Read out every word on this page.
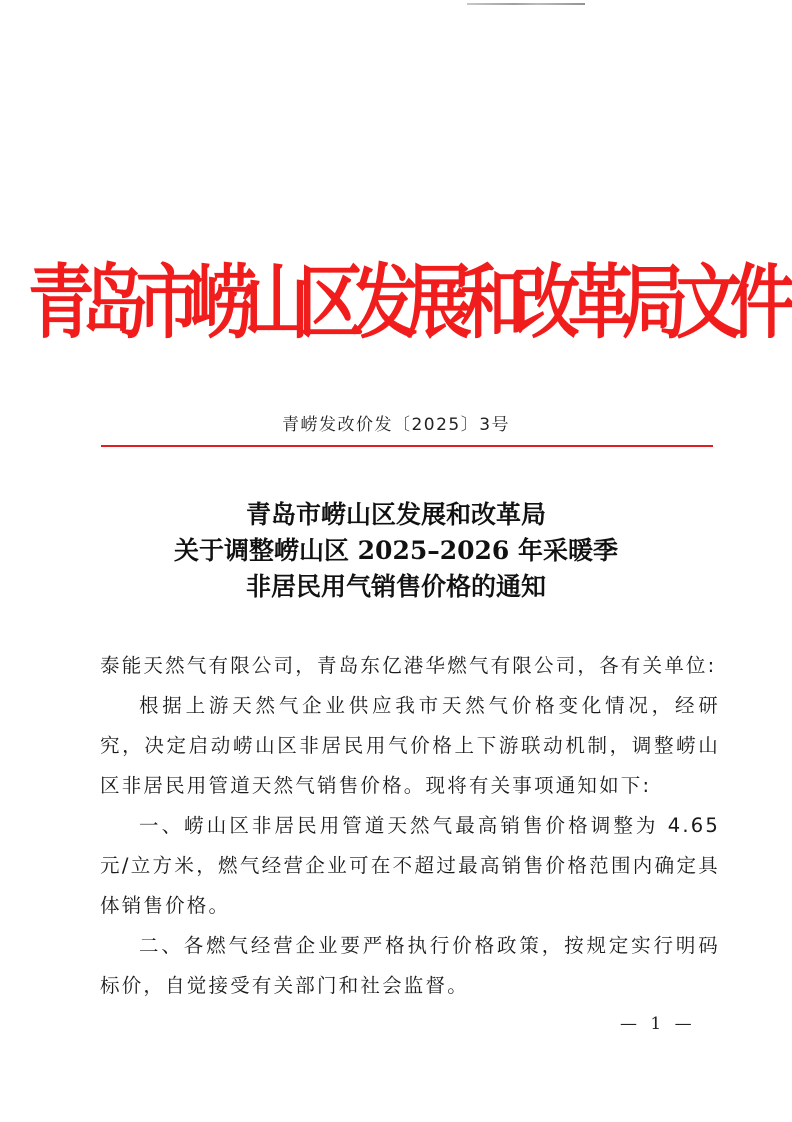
青岛市崂山区发展和改革局文件
青崂发改价发〔2025〕3号
青岛市崂山区发展和改革局
关于调整崂山区 2025–2026 年采暖季
非居民用气销售价格的通知

泰能天然气有限公司，青岛东亿港华燃气有限公司，各有关单位:

根据上游天然气企业供应我市天然气价格变化情况，经研究，决定启动崂山区非居民用气价格上下游联动机制，调整崂山区非居民用管道天然气销售价格。现将有关事项通知如下:

一、崂山区非居民用管道天然气最高销售价格调整为 4.65 元/立方米，燃气经营企业可在不超过最高销售价格范围内确定具体销售价格。

二、各燃气经营企业要严格执行价格政策，按规定实行明码标价，自觉接受有关部门和社会监督。

— 1 —
